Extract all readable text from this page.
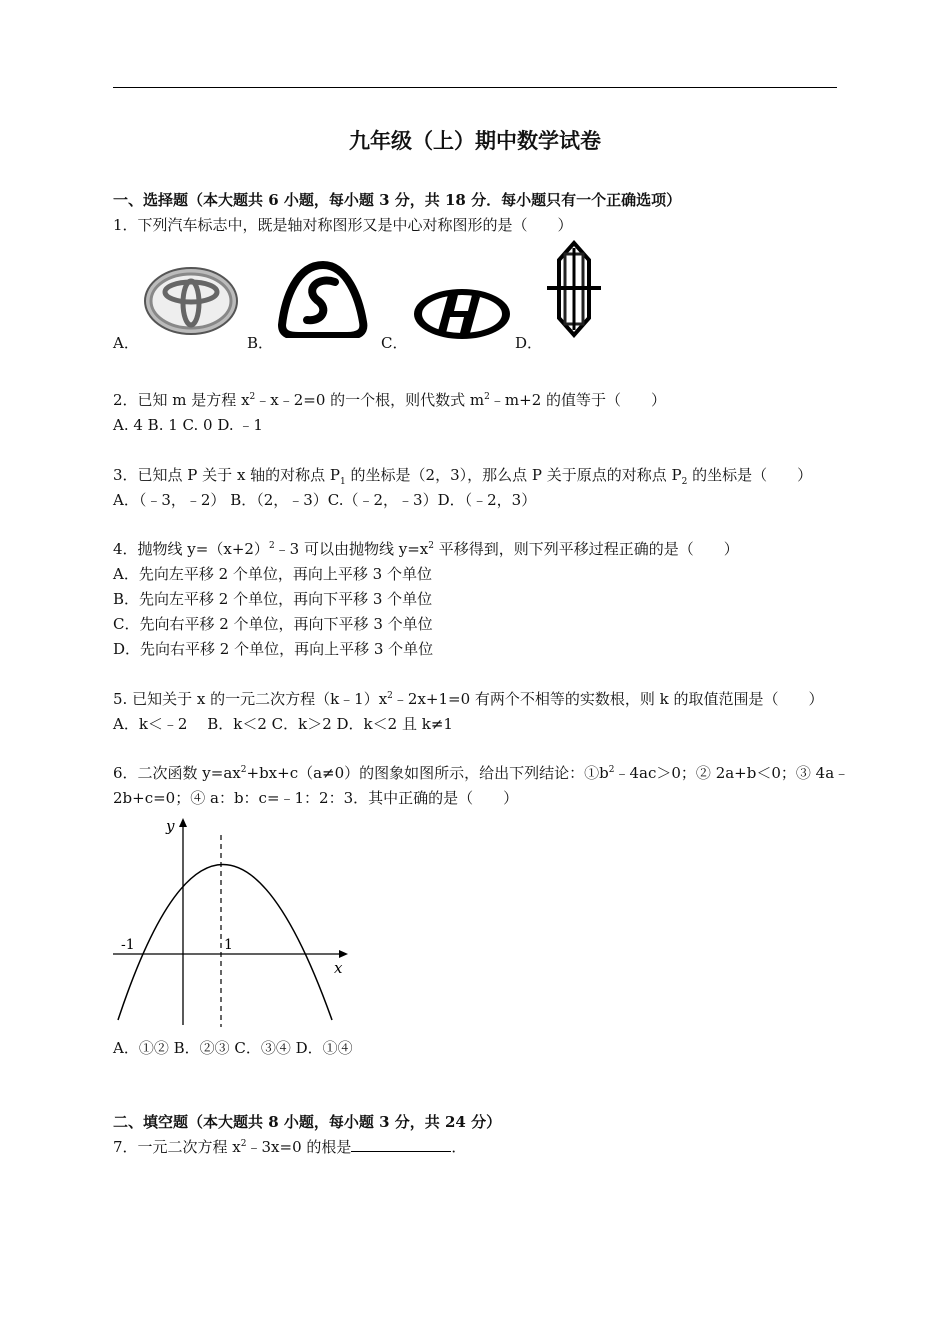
九年级（上）期中数学试卷
一、选择题（本大题共 6 小题，每小题 3 分，共 18 分．每小题只有一个正确选项）
1．下列汽车标志中，既是轴对称图形又是中心对称图形的是（　　）
A．	B．	C．	D．
2．已知 m 是方程 $x^2﹣x﹣2=0$ 的一个根，则代数式 $m^2﹣m+2$ 的值等于（　　）
A. 4 B. 1 C. 0 D. ﹣1
3．已知点 P 关于 x 轴的对称点 $P_1$ 的坐标是（2，3），那么点 P 关于原点的对称点 $P_2$ 的坐标是（　　）
A．（﹣3，﹣2） B．（2，﹣3）C.（﹣2，﹣3）D．（﹣2，3）
4．抛物线 $y=(x+2)^2﹣3$ 可以由抛物线 $y=x^2$ 平移得到，则下列平移过程正确的是（　　）
A．先向左平移 2 个单位，再向上平移 3 个单位
B．先向左平移 2 个单位，再向下平移 3 个单位
C．先向右平移 2 个单位，再向下平移 3 个单位
D．先向右平移 2 个单位，再向上平移 3 个单位
5. 已知关于 x 的一元二次方程$(k﹣1)x^2﹣2x+1=0$ 有两个不相等的实数根，则 k 的取值范围是（　　）
A．k＜﹣2　 B．k＜2 C．k＞2 D．k＜2 且 k≠1
6．二次函数 $y=ax^2+bx+c(a\ne 0)$的图象如图所示，给出下列结论：$①b^2﹣4ac>0$；② 2a+b＜0；③ 4a﹣
2b+c=0；④ a：b：c=﹣1：2：3．其中正确的是（　　）
y
x
-1	1
A．①② B．②③ C．③④ D．①④
二、填空题（本大题共 8 小题，每小题 3 分，共 24 分）
7．一元二次方程 $x^2﹣3x=0$ 的根是	．
